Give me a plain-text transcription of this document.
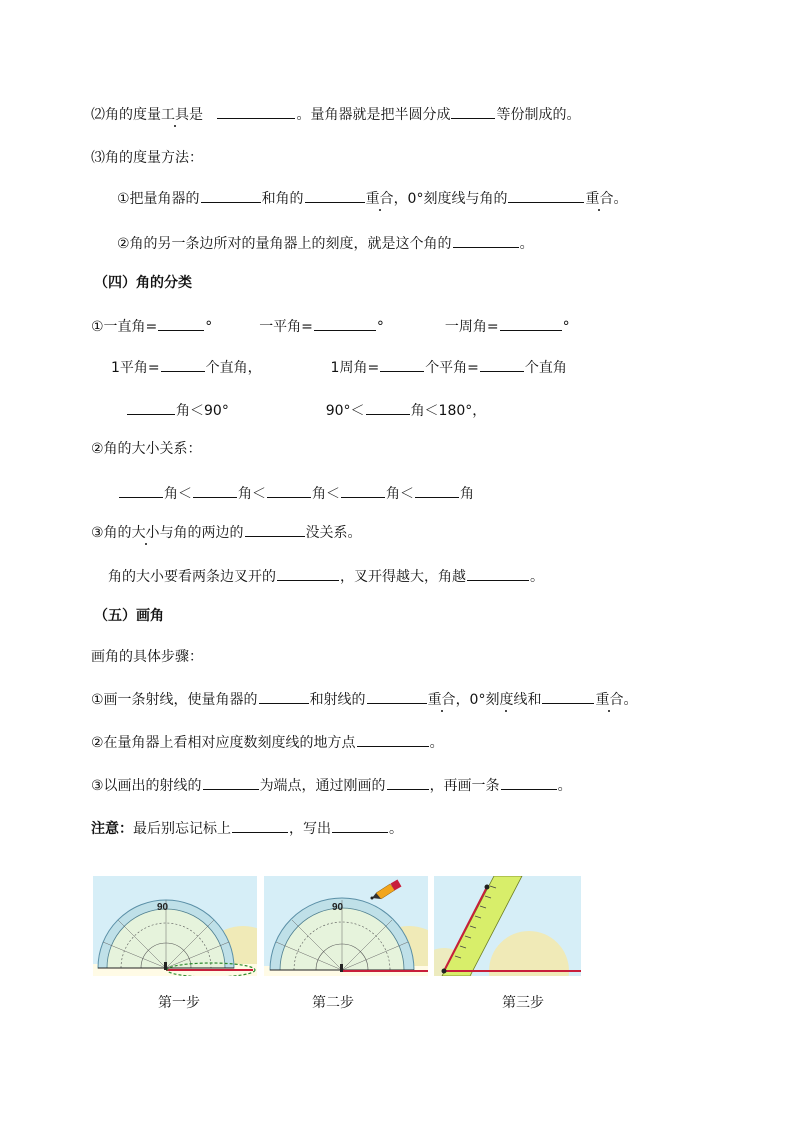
⑵角的度量工具是	。量角器就是把半圆分成	等份制成的。
⑶角的度量方法：
①把量角器的	和角的	重合，0°刻度线与角的	重合。
②角的另一条边所对的量角器上的刻度，就是这个角的	。
（四）角的分类
①一直角=	°	一平角=	°	一周角=	°
1平角=	个直角，	1周角=	个平角=	个直角
角＜90°	90°＜	角＜180°，
②角的大小关系：
角＜	角＜	角＜	角＜	角
③角的大小与角的两边的	没关系。
角的大小要看两条边叉开的	，叉开得越大，角越	。
（五）画角
画角的具体步骤：
①画一条射线，使量角器的	和射线的	重合，0°刻度线和	重合。
②在量角器上看相对应度数刻度线的地方点	。
③以画出的射线的	为端点，通过刚画的	，再画一条	。
注意：最后别忘记标上	，写出	。
90	90
第一步	第二步	第三步
